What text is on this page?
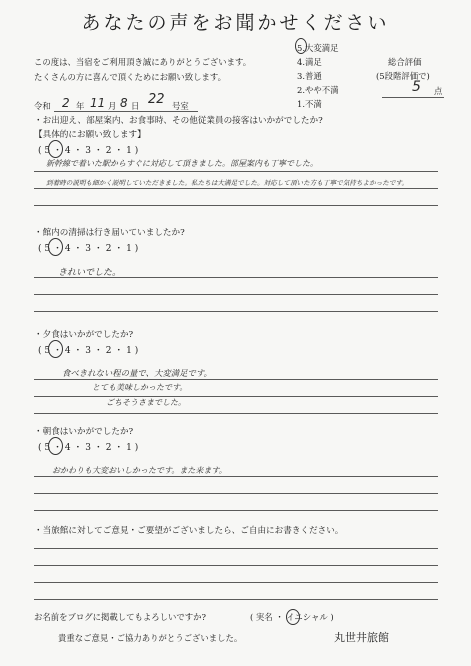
あなたの声をお聞かせください
この度は、当宿をご利用頂き誠にありがとうございます。
たくさんの方に喜んで頂くためにお願い致します。
5.大変満足
4.満足
3.普通
2.やや不満
1.不満
総合評価
(5段階評価で)
5 点
令和 2 年 11 月 8 日 22 号室
・お出迎え、部屋案内、お食事時、その他従業員の接客はいかがでしたか?
【具体的にお願い致します】
( 5 ・ 4 ・ 3 ・ 2 ・ 1 )
新幹線で着いた駅からすぐに対応して頂きました。部屋案内も丁寧でした。
到着時の説明も細かく説明していただきました。私たちは大満足でした。対応して頂いた方も丁寧で気持ちよかったです。
・館内の清掃は行き届いていましたか?
( 5 ・ 4 ・ 3 ・ 2 ・ 1 )
きれいでした。
・夕食はいかがでしたか?
( 5 ・ 4 ・ 3 ・ 2 ・ 1 )
食べきれない程の量で、大変満足です。
とても美味しかったです。
ごちそうさまでした。
・朝食はいかがでしたか?
( 5 ・ 4 ・ 3 ・ 2 ・ 1 )
おかわりも大変おいしかったです。また来ます。
・当旅館に対してご意見・ご要望がございましたら、ご自由にお書きください。
お名前をブログに掲載してもよろしいですか?	( 実名 ・ イニシャル )
貴重なご意見・ご協力ありがとうございました。	丸世井旅館
